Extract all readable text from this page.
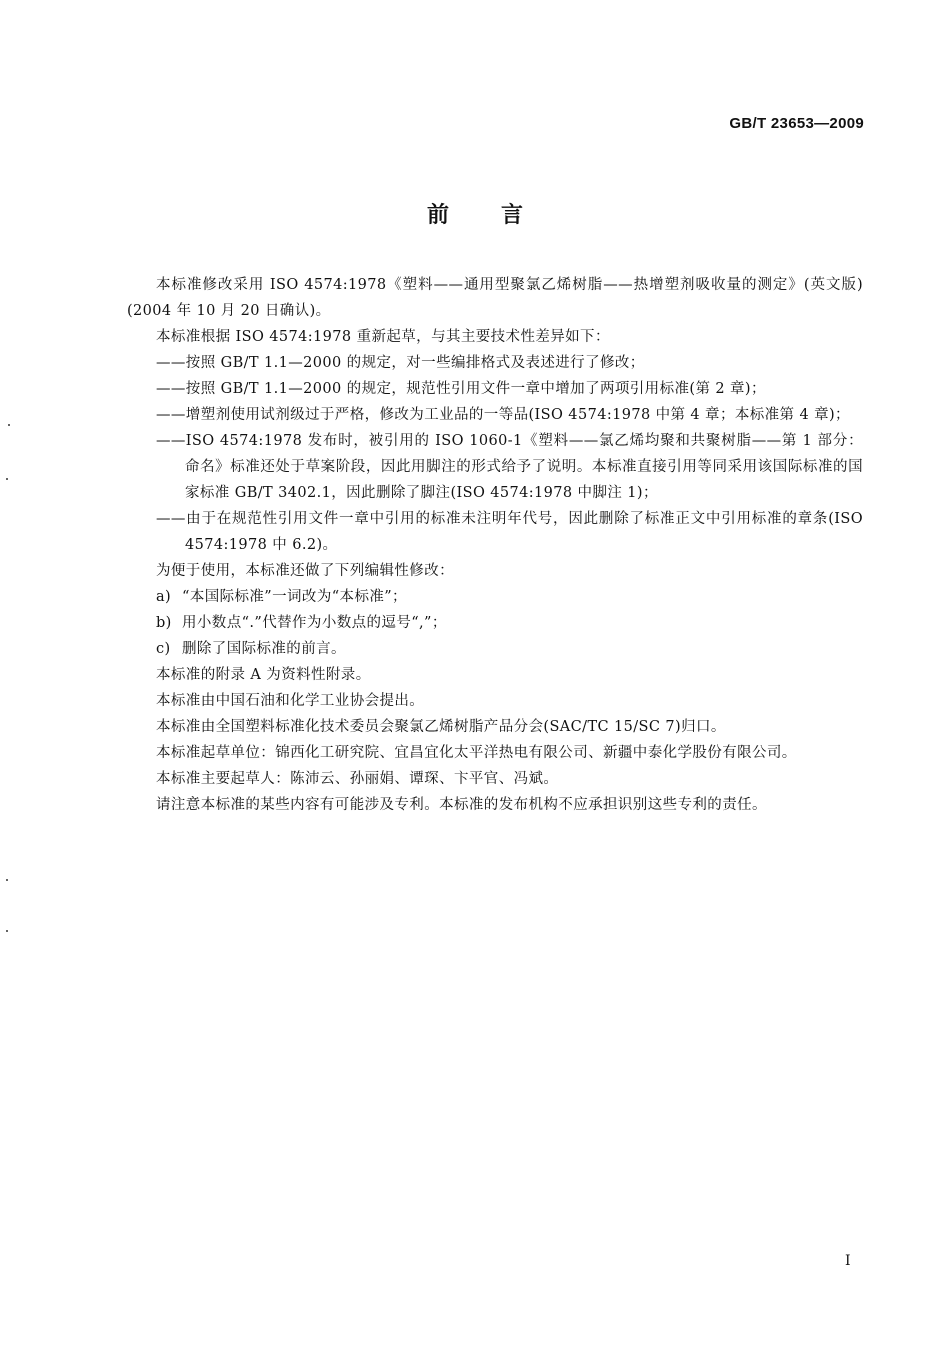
GB/T 23653—2009
前言

本标准修改采用 ISO 4574:1978《塑料——通用型聚氯乙烯树脂——热增塑剂吸收量的测定》(英文版)(2004 年 10 月 20 日确认)。

本标准根据 ISO 4574:1978 重新起草，与其主要技术性差异如下：

——按照 GB/T 1.1—2000 的规定，对一些编排格式及表述进行了修改；

——按照 GB/T 1.1—2000 的规定，规范性引用文件一章中增加了两项引用标准(第 2 章)；

——增塑剂使用试剂级过于严格，修改为工业品的一等品(ISO 4574:1978 中第 4 章；本标准第 4 章)；

——ISO 4574:1978 发布时，被引用的 ISO 1060-1《塑料——氯乙烯均聚和共聚树脂——第 1 部分：命名》标准还处于草案阶段，因此用脚注的形式给予了说明。本标准直接引用等同采用该国际标准的国家标准 GB/T 3402.1，因此删除了脚注(ISO 4574:1978 中脚注 1)；

——由于在规范性引用文件一章中引用的标准未注明年代号，因此删除了标准正文中引用标准的章条(ISO 4574:1978 中 6.2)。

为便于使用，本标准还做了下列编辑性修改：

a) “本国际标准”一词改为“本标准”；

b) 用小数点“.”代替作为小数点的逗号“,”；

c) 删除了国际标准的前言。

本标准的附录 A 为资料性附录。

本标准由中国石油和化学工业协会提出。

本标准由全国塑料标准化技术委员会聚氯乙烯树脂产品分会(SAC/TC 15/SC 7)归口。

本标准起草单位：锦西化工研究院、宜昌宜化太平洋热电有限公司、新疆中泰化学股份有限公司。

本标准主要起草人：陈沛云、孙丽娟、谭琛、卞平官、冯斌。

请注意本标准的某些内容有可能涉及专利。本标准的发布机构不应承担识别这些专利的责任。

I
